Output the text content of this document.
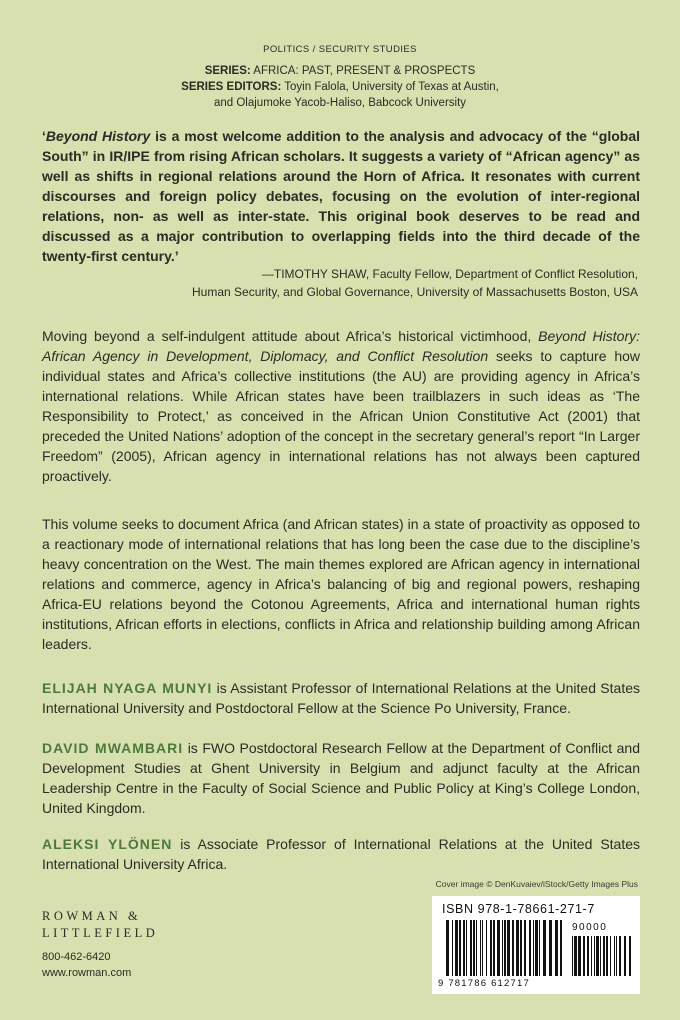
POLITICS / SECURITY STUDIES
SERIES: AFRICA: PAST, PRESENT & PROSPECTS
SERIES EDITORS: Toyin Falola, University of Texas at Austin,
and Olajumoke Yacob-Haliso, Babcock University
‘Beyond History is a most welcome addition to the analysis and advocacy of the “global South” in IR/IPE from rising African scholars. It suggests a variety of “African agency” as well as shifts in regional relations around the Horn of Africa. It resonates with current discourses and foreign policy debates, focusing on the evolution of inter-regional relations, non- as well as inter-state. This original book deserves to be read and discussed as a major contribution to overlapping fields into the third decade of the twenty-first century.’
—TIMOTHY SHAW, Faculty Fellow, Department of Conflict Resolution,
Human Security, and Global Governance, University of Massachusetts Boston, USA
Moving beyond a self-indulgent attitude about Africa’s historical victimhood, Beyond History: African Agency in Development, Diplomacy, and Conflict Resolution seeks to capture how individual states and Africa’s collective institutions (the AU) are providing agency in Africa’s international relations. While African states have been trailblazers in such ideas as ‘The Responsibility to Protect,’ as conceived in the African Union Constitutive Act (2001) that preceded the United Nations’ adoption of the concept in the secretary general’s report “In Larger Freedom” (2005), African agency in international relations has not always been captured proactively.
This volume seeks to document Africa (and African states) in a state of proactivity as opposed to a reactionary mode of international relations that has long been the case due to the discipline’s heavy concentration on the West. The main themes explored are African agency in international relations and commerce, agency in Africa’s balancing of big and regional powers, reshaping Africa-EU relations beyond the Cotonou Agreements, Africa and international human rights institutions, African efforts in elections, conflicts in Africa and relationship building among African leaders.
ELIJAH NYAGA MUNYI is Assistant Professor of International Relations at the United States International University and Postdoctoral Fellow at the Science Po University, France.
DAVID MWAMBARI is FWO Postdoctoral Research Fellow at the Department of Conflict and Development Studies at Ghent University in Belgium and adjunct faculty at the African Leadership Centre in the Faculty of Social Science and Public Policy at King’s College London, United Kingdom.
ALEKSI YLÖNEN is Associate Professor of International Relations at the United States International University Africa.
Cover image © DenKuvaiev/iStock/Getty Images Plus
ROWMAN &
LITTLEFIELD
800-462-6420
www.rowman.com
ISBN 978-1-78661-271-7
90000
9 781786 612717
